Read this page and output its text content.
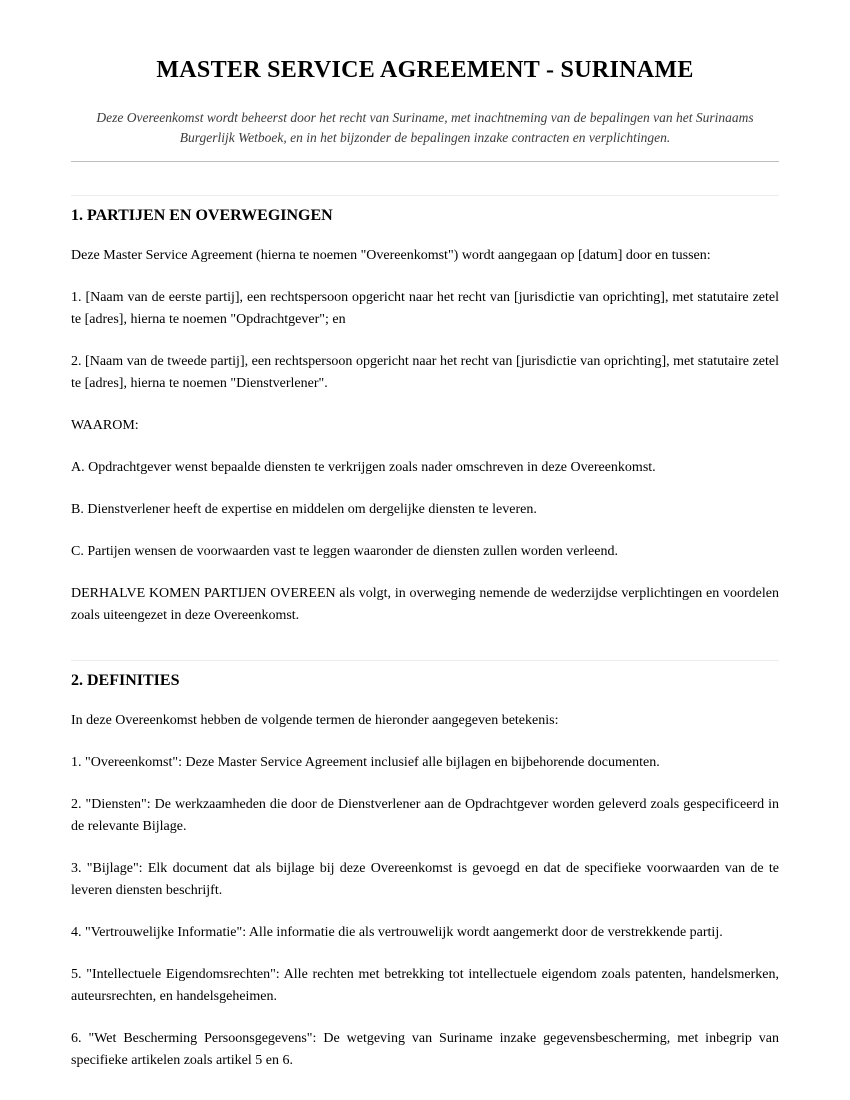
MASTER SERVICE AGREEMENT - SURINAME

Deze Overeenkomst wordt beheerst door het recht van Suriname, met inachtneming van de bepalingen van het Surinaams Burgerlijk Wetboek, en in het bijzonder de bepalingen inzake contracten en verplichtingen.

1. PARTIJEN EN OVERWEGINGEN

Deze Master Service Agreement (hierna te noemen "Overeenkomst") wordt aangegaan op [datum] door en tussen:

1. [Naam van de eerste partij], een rechtspersoon opgericht naar het recht van [jurisdictie van oprichting], met statutaire zetel te [adres], hierna te noemen "Opdrachtgever"; en

2. [Naam van de tweede partij], een rechtspersoon opgericht naar het recht van [jurisdictie van oprichting], met statutaire zetel te [adres], hierna te noemen "Dienstverlener".

WAAROM:

A. Opdrachtgever wenst bepaalde diensten te verkrijgen zoals nader omschreven in deze Overeenkomst.

B. Dienstverlener heeft de expertise en middelen om dergelijke diensten te leveren.

C. Partijen wensen de voorwaarden vast te leggen waaronder de diensten zullen worden verleend.

DERHALVE KOMEN PARTIJEN OVEREEN als volgt, in overweging nemende de wederzijdse verplichtingen en voordelen zoals uiteengezet in deze Overeenkomst.

2. DEFINITIES

In deze Overeenkomst hebben de volgende termen de hieronder aangegeven betekenis:

1. "Overeenkomst": Deze Master Service Agreement inclusief alle bijlagen en bijbehorende documenten.

2. "Diensten": De werkzaamheden die door de Dienstverlener aan de Opdrachtgever worden geleverd zoals gespecificeerd in de relevante Bijlage.

3. "Bijlage": Elk document dat als bijlage bij deze Overeenkomst is gevoegd en dat de specifieke voorwaarden van de te leveren diensten beschrijft.

4. "Vertrouwelijke Informatie": Alle informatie die als vertrouwelijk wordt aangemerkt door de verstrekkende partij.

5. "Intellectuele Eigendomsrechten": Alle rechten met betrekking tot intellectuele eigendom zoals patenten, handelsmerken, auteursrechten, en handelsgeheimen.

6. "Wet Bescherming Persoonsgegevens": De wetgeving van Suriname inzake gegevensbescherming, met inbegrip van specifieke artikelen zoals artikel 5 en 6.
